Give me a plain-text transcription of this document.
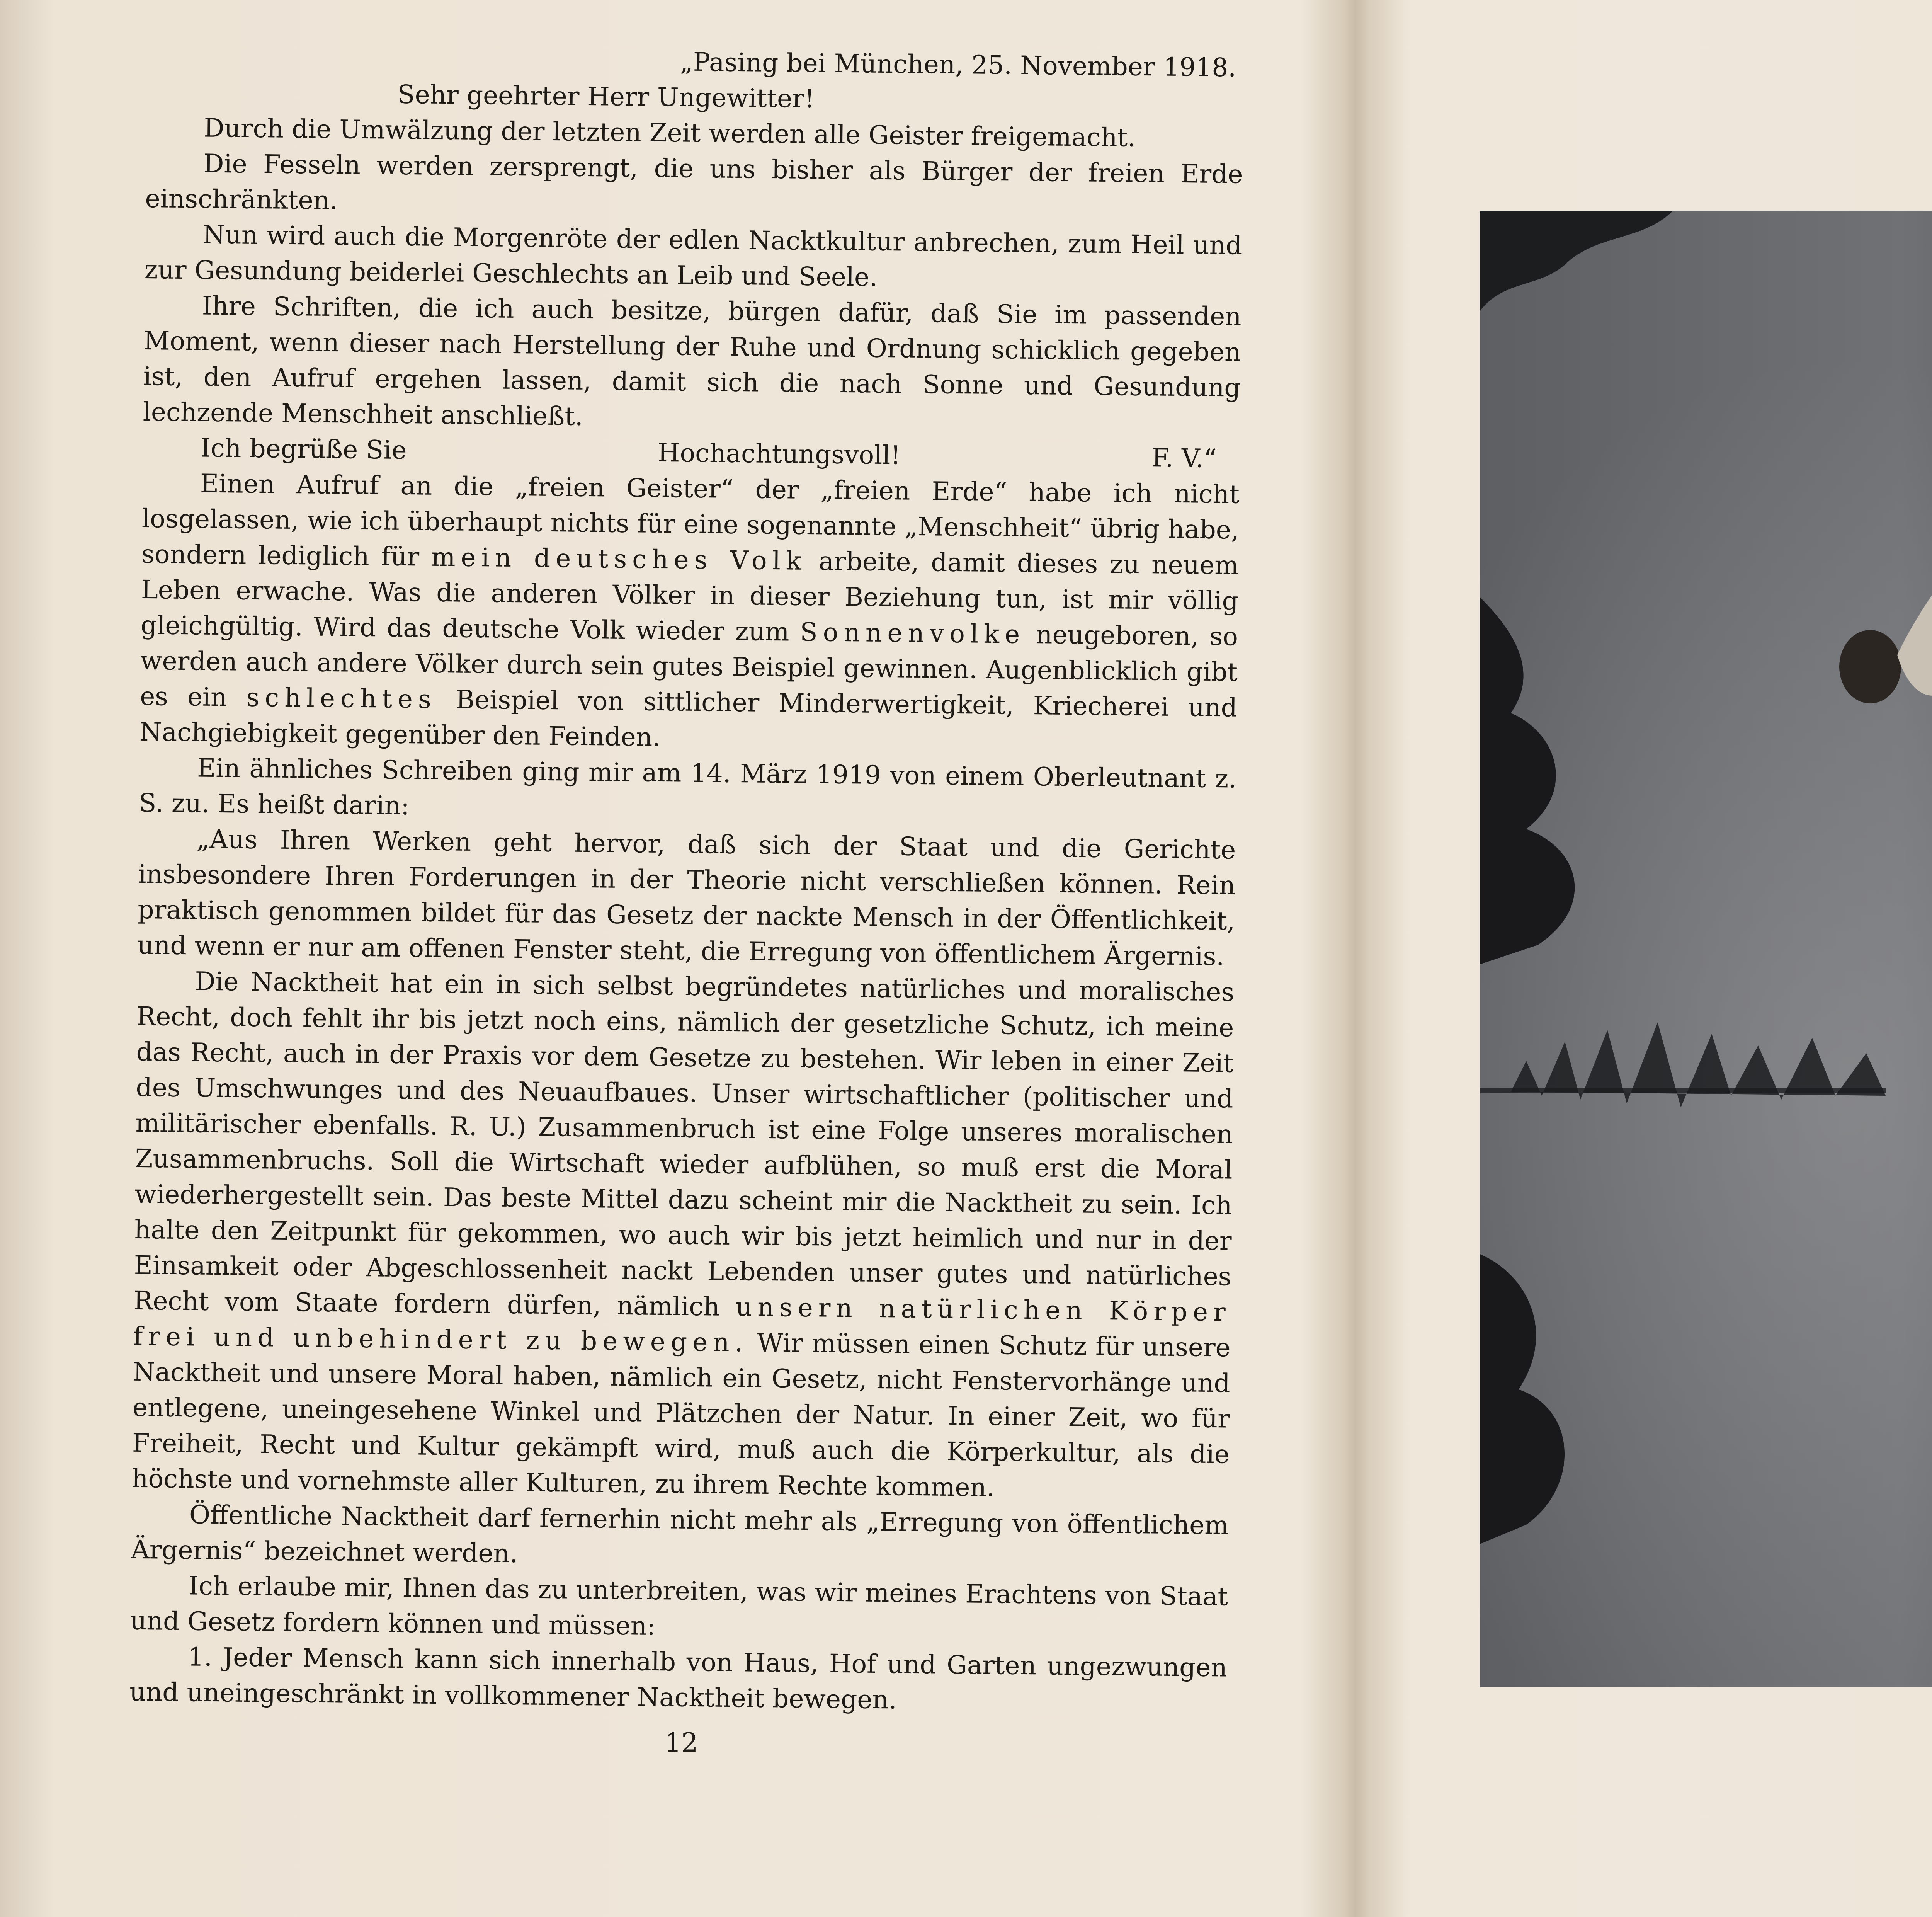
„Pasing bei München, 25. November 1918.

Sehr geehrter Herr Ungewitter!

Durch die Umwälzung der letzten Zeit werden alle Geister freigemacht.

Die Fesseln werden zersprengt, die uns bisher als Bürger der freien Erde einschränkten.

Nun wird auch die Morgenröte der edlen Nacktkultur anbrechen, zum Heil und zur Gesundung beiderlei Geschlechts an Leib und Seele.

Ihre Schriften, die ich auch besitze, bürgen dafür, daß Sie im passenden Moment, wenn dieser nach Herstellung der Ruhe und Ordnung schicklich gegeben ist, den Aufruf ergehen lassen, damit sich die nach Sonne und Gesundung lechzende Menschheit anschließt.

Ich begrüße Sie	Hochachtungsvoll!	F. V.“

Einen Aufruf an die „freien Geister“ der „freien Erde“ habe ich nicht losgelassen, wie ich überhaupt nichts für eine sogenannte „Menschheit“ übrig habe, sondern lediglich für mein deutsches Volk arbeite, damit dieses zu neuem Leben erwache. Was die anderen Völker in dieser Beziehung tun, ist mir völlig gleichgültig. Wird das deutsche Volk wieder zum Sonnenvolke neugeboren, so werden auch andere Völker durch sein gutes Beispiel gewinnen. Augenblicklich gibt es ein schlechtes Beispiel von sittlicher Minderwertigkeit, Kriecherei und Nachgiebigkeit gegenüber den Feinden.

Ein ähnliches Schreiben ging mir am 14. März 1919 von einem Oberleutnant z. S. zu. Es heißt darin:

„Aus Ihren Werken geht hervor, daß sich der Staat und die Gerichte insbesondere Ihren Forderungen in der Theorie nicht verschließen können. Rein praktisch genommen bildet für das Gesetz der nackte Mensch in der Öffentlichkeit, und wenn er nur am offenen Fenster steht, die Erregung von öffentlichem Ärgernis.

Die Nacktheit hat ein in sich selbst begründetes natürliches und moralisches Recht, doch fehlt ihr bis jetzt noch eins, nämlich der gesetzliche Schutz, ich meine das Recht, auch in der Praxis vor dem Gesetze zu bestehen. Wir leben in einer Zeit des Umschwunges und des Neuaufbaues. Unser wirtschaftlicher (politischer und militärischer ebenfalls. R. U.) Zusammenbruch ist eine Folge unseres moralischen Zusammenbruchs. Soll die Wirtschaft wieder aufblühen, so muß erst die Moral wiederhergestellt sein. Das beste Mittel dazu scheint mir die Nacktheit zu sein. Ich halte den Zeitpunkt für gekommen, wo auch wir bis jetzt heimlich und nur in der Einsamkeit oder Abgeschlossenheit nackt Lebenden unser gutes und natürliches Recht vom Staate fordern dürfen, nämlich unsern natürlichen Körper frei und unbehindert zu bewegen. Wir müssen einen Schutz für unsere Nacktheit und unsere Moral haben, nämlich ein Gesetz, nicht Fenstervorhänge und entlegene, uneingesehene Winkel und Plätzchen der Natur. In einer Zeit, wo für Freiheit, Recht und Kultur gekämpft wird, muß auch die Körperkultur, als die höchste und vornehmste aller Kulturen, zu ihrem Rechte kommen.

Öffentliche Nacktheit darf fernerhin nicht mehr als „Erregung von öffentlichem Ärgernis“ bezeichnet werden.

Ich erlaube mir, Ihnen das zu unterbreiten, was wir meines Erachtens von Staat und Gesetz fordern können und müssen:

1. Jeder Mensch kann sich innerhalb von Haus, Hof und Garten ungezwungen und uneingeschränkt in vollkommener Nacktheit bewegen.

12
